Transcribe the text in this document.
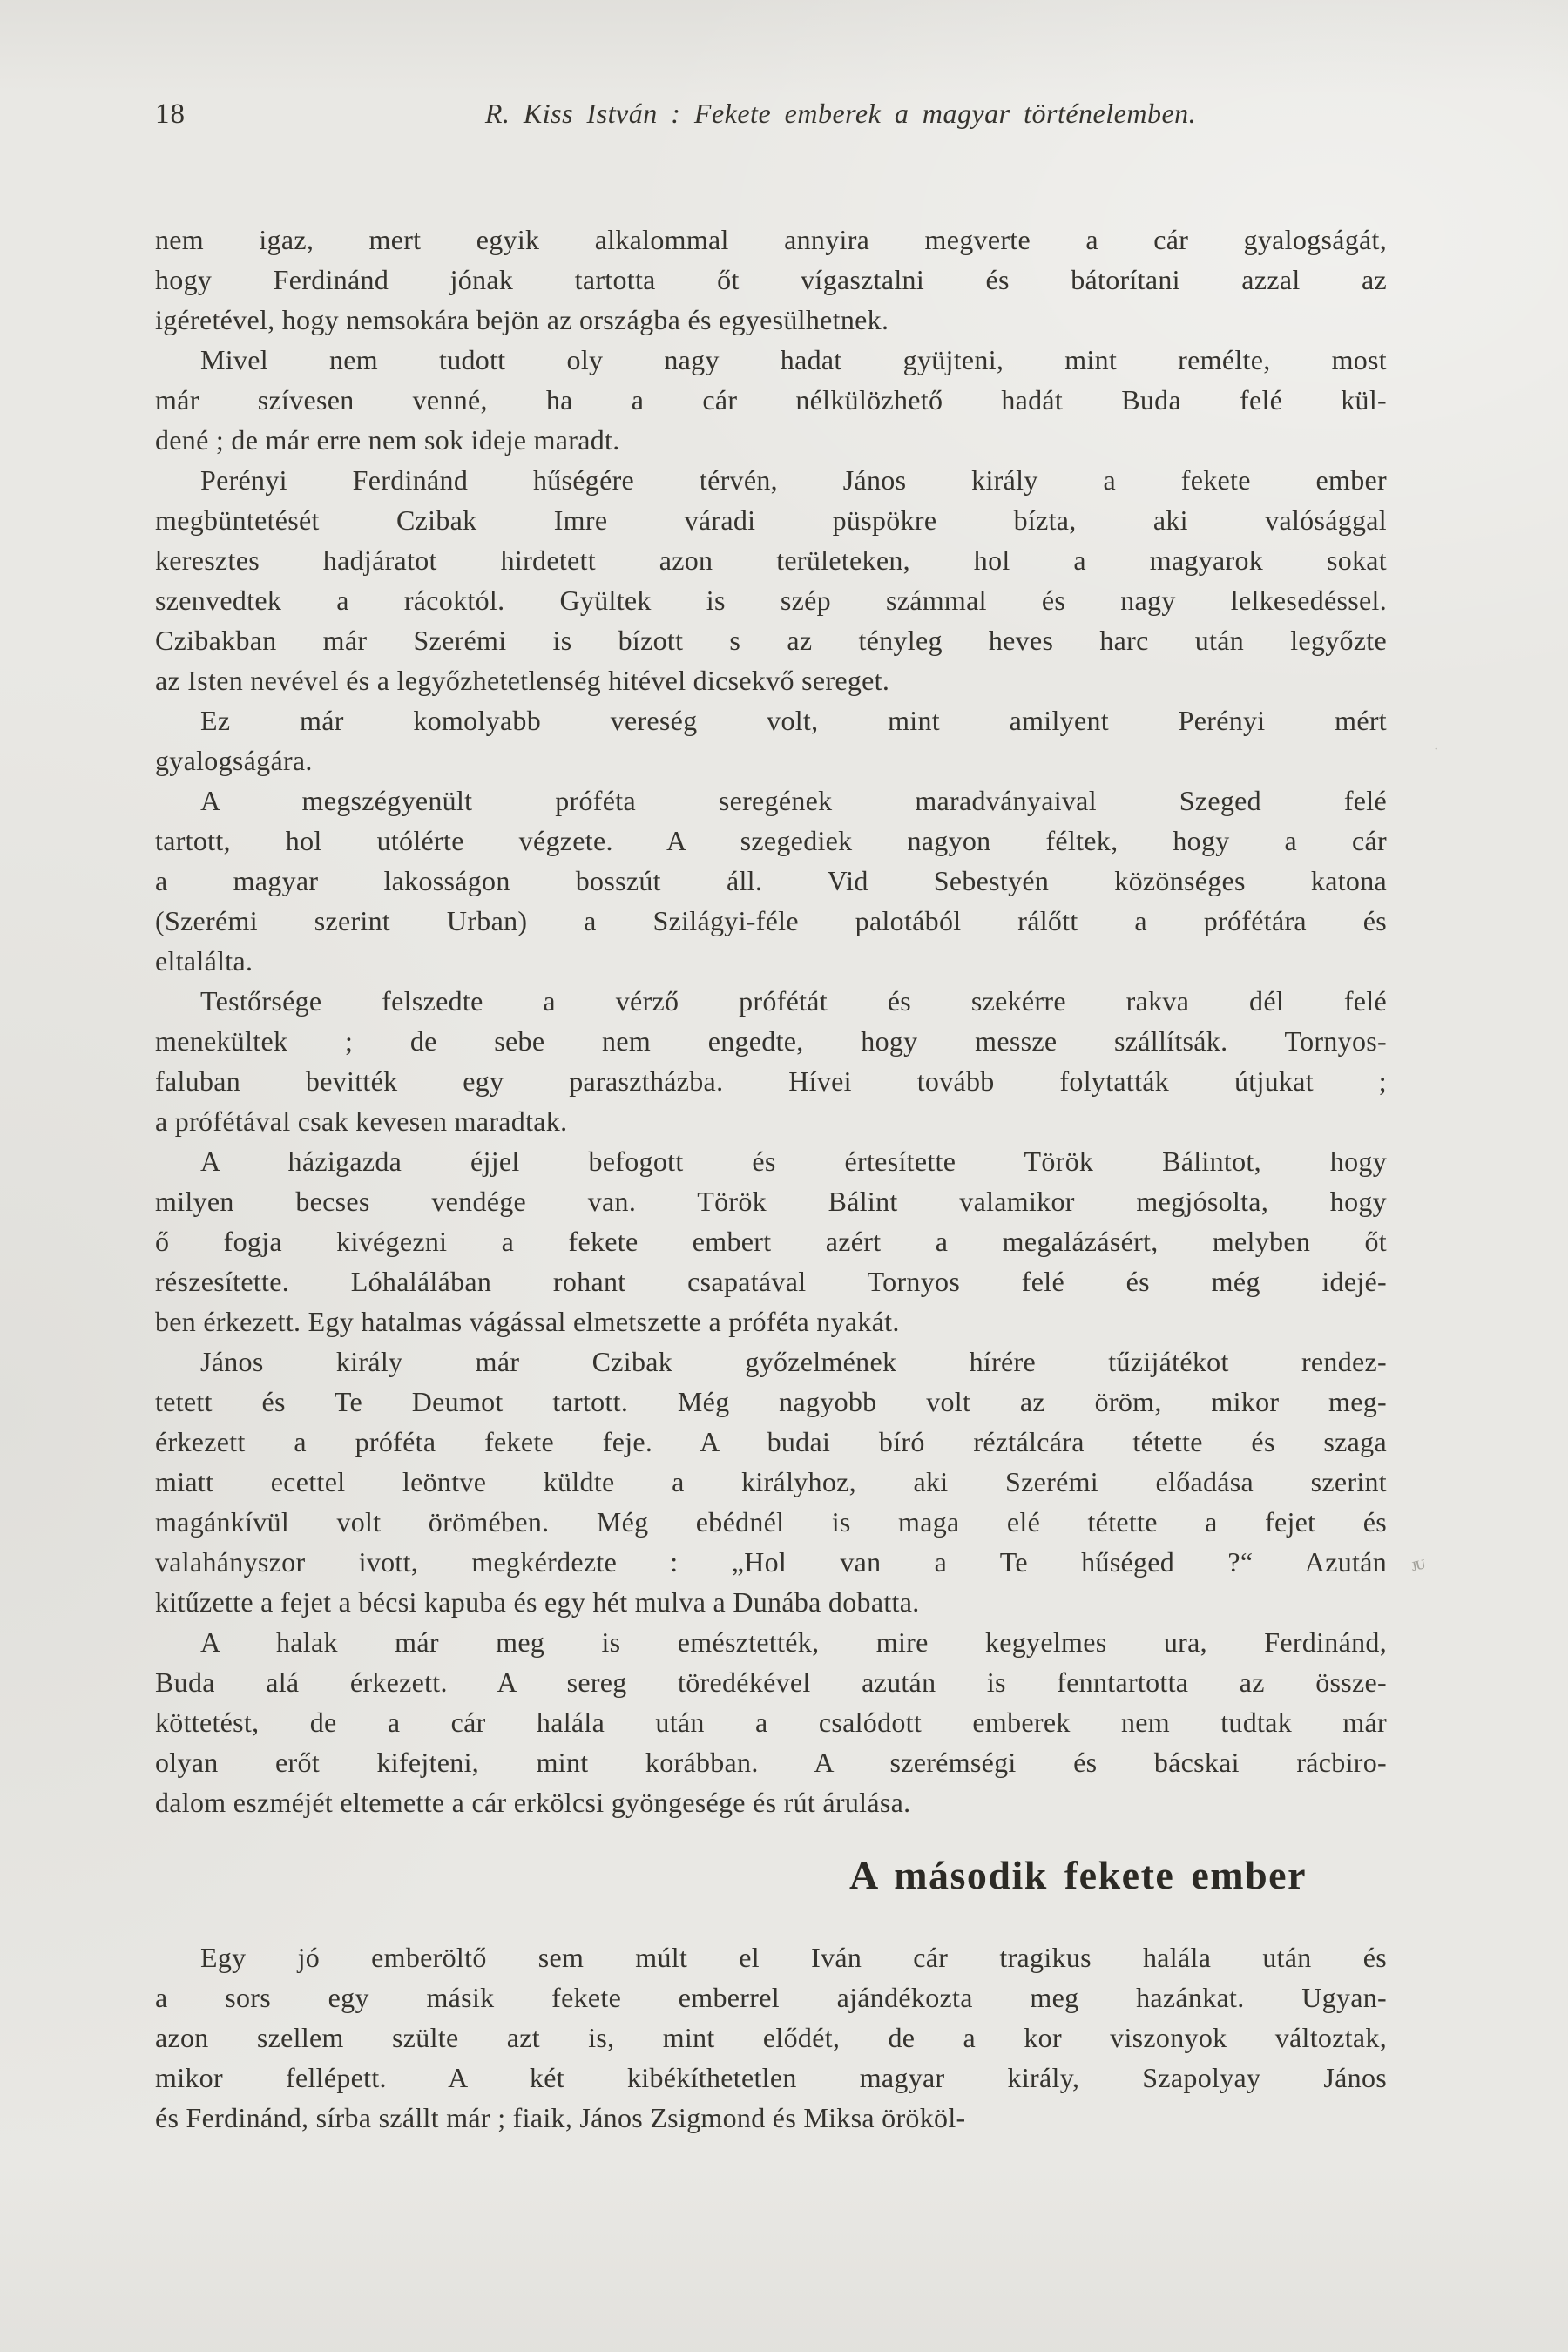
18	R. Kiss István : Fekete emberek a magyar történelemben.

nem igaz, mert egyik alkalommal annyira megverte a cár gyalogságát,
hogy Ferdinánd jónak tartotta őt vígasztalni és bátorítani azzal az
igéretével, hogy nemsokára bejön az országba és egyesülhetnek.

Mivel nem tudott oly nagy hadat gyüjteni, mint remélte, most
már szívesen venné, ha a cár nélkülözhető hadát Buda felé kül-
dené ; de már erre nem sok ideje maradt.

Perényi Ferdinánd hűségére térvén, János király a fekete ember
megbüntetését Czibak Imre váradi püspökre bízta, aki valósággal
keresztes hadjáratot hirdetett azon területeken, hol a magyarok sokat
szenvedtek a rácoktól. Gyültek is szép számmal és nagy lelkesedéssel.
Czibakban már Szerémi is bízott s az tényleg heves harc után legyőzte
az Isten nevével és a legyőzhetetlenség hitével dicsekvő sereget.

Ez már komolyabb vereség volt, mint amilyent Perényi mért
gyalogságára.

A megszégyenült próféta seregének maradványaival Szeged felé
tartott, hol utólérte végzete. A szegediek nagyon féltek, hogy a cár
a magyar lakosságon bosszút áll. Vid Sebestyén közönséges katona
(Szerémi szerint Urban) a Szilágyi-féle palotából rálőtt a prófétára és
eltalálta.

Testőrsége felszedte a vérző prófétát és szekérre rakva dél felé
menekültek ; de sebe nem engedte, hogy messze szállítsák. Tornyos-
faluban bevitték egy parasztházba. Hívei tovább folytatták útjukat ;
a prófétával csak kevesen maradtak.

A házigazda éjjel befogott és értesítette Török Bálintot, hogy
milyen becses vendége van. Török Bálint valamikor megjósolta, hogy
ő fogja kivégezni a fekete embert azért a megalázásért, melyben őt
részesítette. Lóhalálában rohant csapatával Tornyos felé és még idejé-
ben érkezett. Egy hatalmas vágással elmetszette a próféta nyakát.

János király már Czibak győzelmének hírére tűzijátékot rendez-
tetett és Te Deumot tartott. Még nagyobb volt az öröm, mikor meg-
érkezett a próféta fekete feje. A budai bíró réztálcára tétette és szaga
miatt ecettel leöntve küldte a királyhoz, aki Szerémi előadása szerint
magánkívül volt örömében. Még ebédnél is maga elé tétette a fejet és
valahányszor ivott, megkérdezte : „Hol van a Te hűséged ?“ Azután
kitűzette a fejet a bécsi kapuba és egy hét mulva a Dunába dobatta.

A halak már meg is emésztették, mire kegyelmes ura, Ferdinánd,
Buda alá érkezett. A sereg töredékével azután is fenntartotta az össze-
köttetést, de a cár halála után a csalódott emberek nem tudtak már
olyan erőt kifejteni, mint korábban. A szerémségi és bácskai rácbiro-
dalom eszméjét eltemette a cár erkölcsi gyöngesége és rút árulása.

A második fekete ember

Egy jó emberöltő sem múlt el Iván cár tragikus halála után és
a sors egy másik fekete emberrel ajándékozta meg hazánkat. Ugyan-
azon szellem szülte azt is, mint elődét, de a kor viszonyok változtak,
mikor fellépett. A két kibékíthetetlen magyar király, Szapolyay János
és Ferdinánd, sírba szállt már ; fiaik, János Zsigmond és Miksa örököl-

·
ᴊᴜ
